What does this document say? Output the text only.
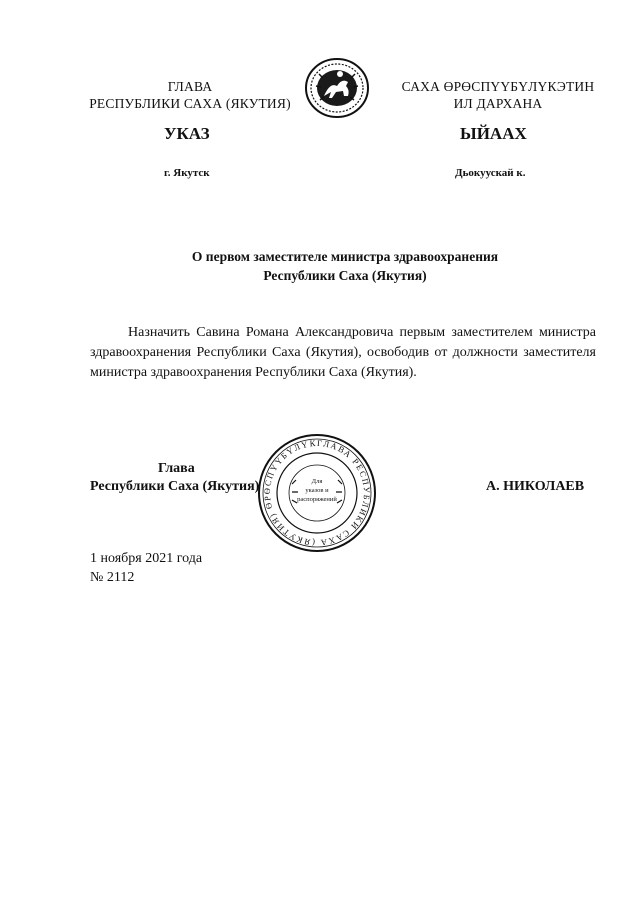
ГЛАВА
РЕСПУБЛИКИ САХА (ЯКУТИЯ)
САХА ӨРӨСПҮҮБҮЛҮКЭТИН
ИЛ ДАРХАНА
УКАЗ	ЫЙААХ
г. Якутск	Дьокуускай к.
О первом заместителе министра здравоохранения
Республики Саха (Якутия)
Назначить Савина Романа Александровича первым заместителем министра здравоохранения Республики Саха (Якутия), освободив от должности заместителя министра здравоохранения Республики Саха (Якутия).
ГЛАВА РЕСПУБЛИКИ САХА (ЯКУТИЯ) ӨРӨСПҮҮБҮЛҮК
Для
указов и
распоряжений
Глава
Республики Саха (Якутия)	А. НИКОЛАЕВ
1 ноября 2021 года
№ 2112
